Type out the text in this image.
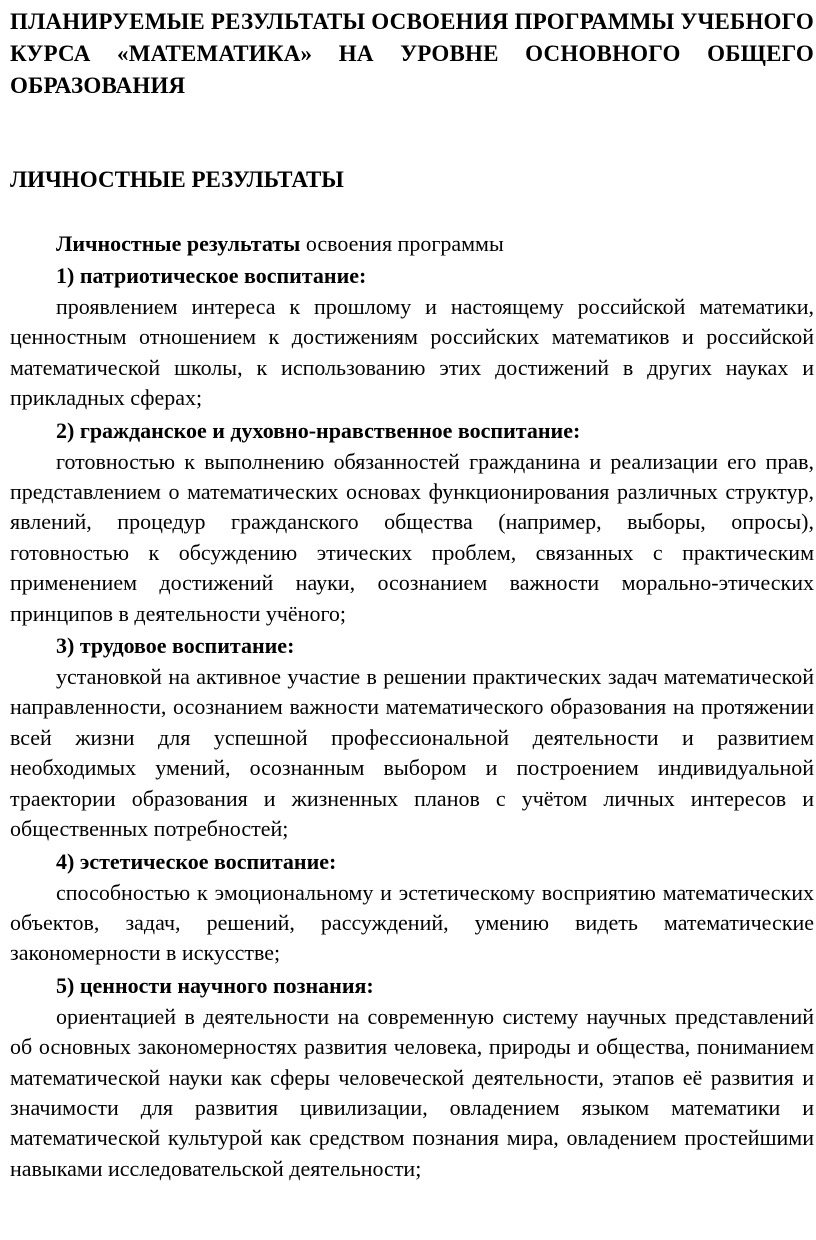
ПЛАНИРУЕМЫЕ РЕЗУЛЬТАТЫ ОСВОЕНИЯ ПРОГРАММЫ УЧЕБНОГО КУРСА «МАТЕМАТИКА» НА УРОВНЕ ОСНОВНОГО ОБЩЕГО ОБРАЗОВАНИЯ
ЛИЧНОСТНЫЕ РЕЗУЛЬТАТЫ

Личностные результаты освоения программы

1) патриотическое воспитание:

проявлением интереса к прошлому и настоящему российской математики, ценностным отношением к достижениям российских математиков и российской математической школы, к использованию этих достижений в других науках и прикладных сферах;

2) гражданское и духовно-нравственное воспитание:

готовностью к выполнению обязанностей гражданина и реализации его прав, представлением о математических основах функционирования различных структур, явлений, процедур гражданского общества (например, выборы, опросы), готовностью к обсуждению этических проблем, связанных с практическим применением достижений науки, осознанием важности морально-этических принципов в деятельности учёного;

3) трудовое воспитание:

установкой на активное участие в решении практических задач математической направленности, осознанием важности математического образования на протяжении всей жизни для успешной профессиональной деятельности и развитием необходимых умений, осознанным выбором и построением индивидуальной траектории образования и жизненных планов с учётом личных интересов и общественных потребностей;

4) эстетическое воспитание:

способностью к эмоциональному и эстетическому восприятию математических объектов, задач, решений, рассуждений, умению видеть математические закономерности в искусстве;

5) ценности научного познания:

ориентацией в деятельности на современную систему научных представлений об основных закономерностях развития человека, природы и общества, пониманием математической науки как сферы человеческой деятельности, этапов её развития и значимости для развития цивилизации, овладением языком математики и математической культурой как средством познания мира, овладением простейшими навыками исследовательской деятельности;
